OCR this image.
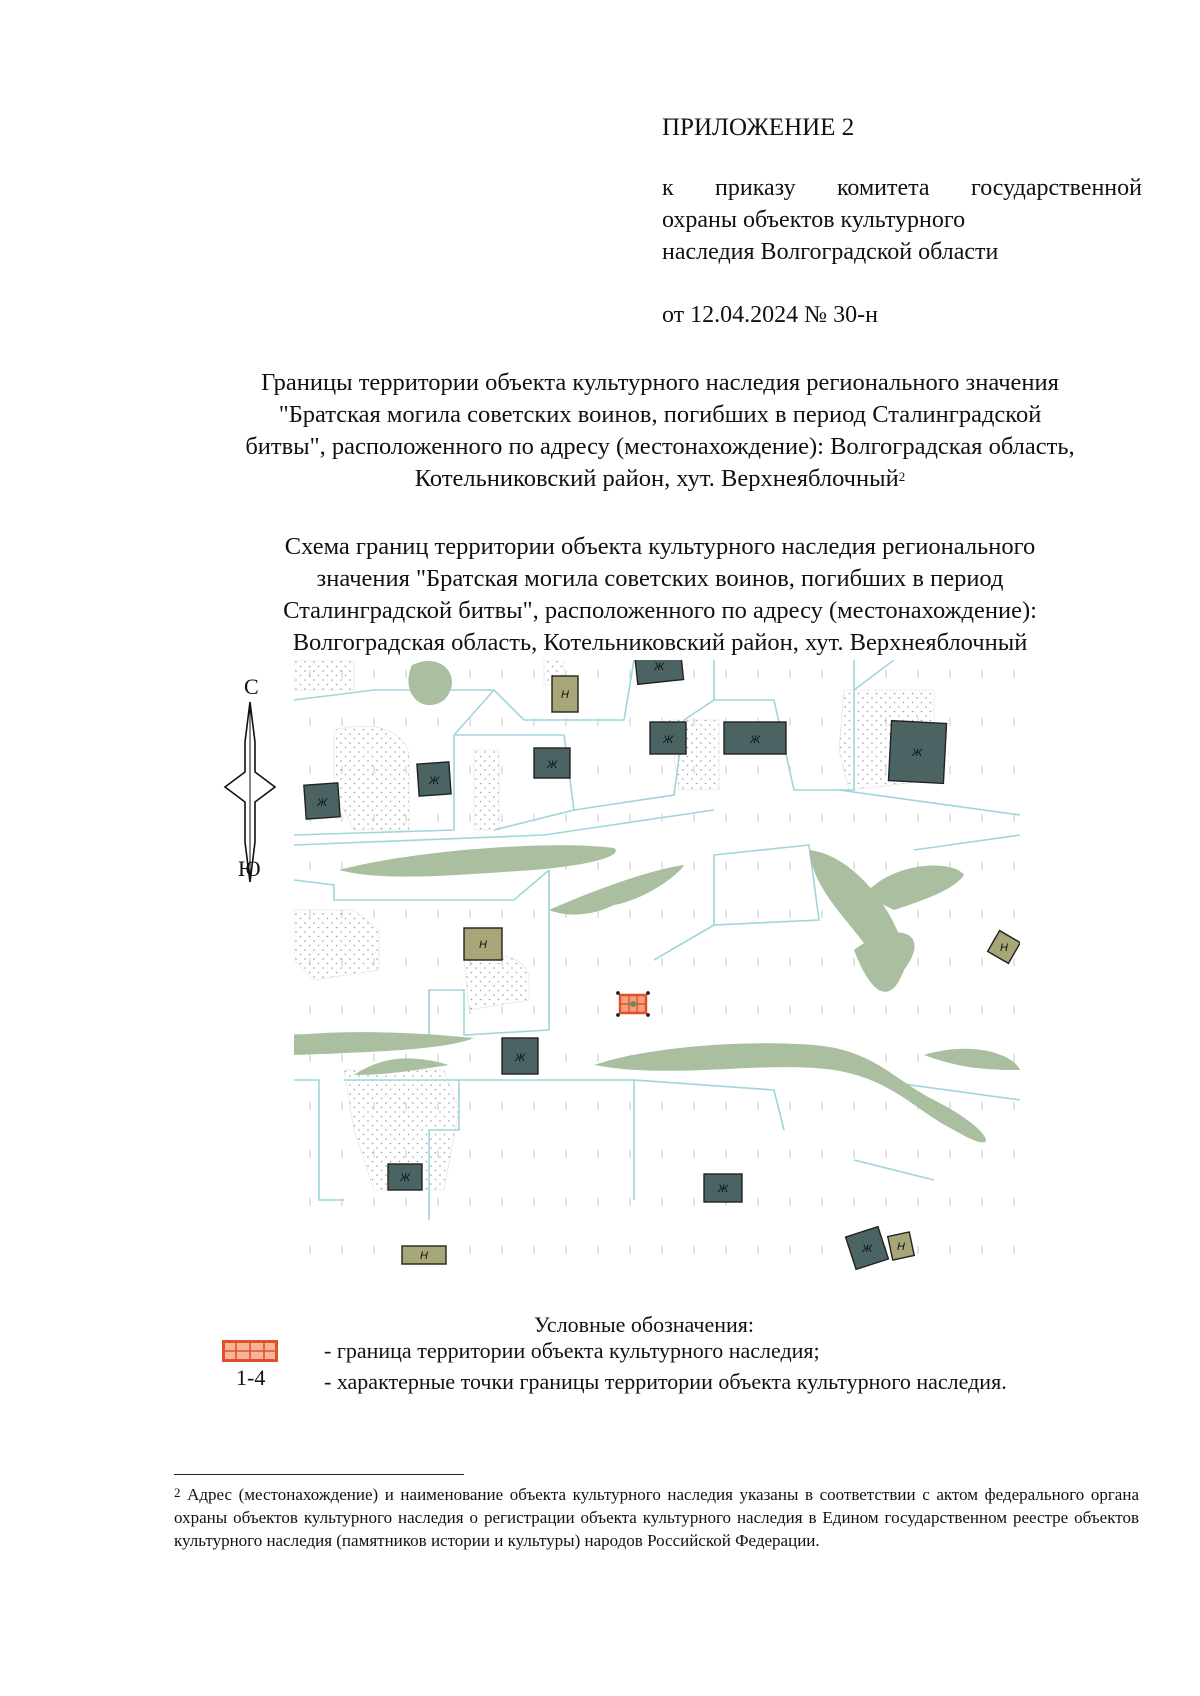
ПРИЛОЖЕНИЕ 2
к приказу комитета государственной
охраны объектов культурного
наследия Волгоградской области
от 12.04.2024 № 30-н
Границы территории объекта культурного наследия регионального значения
"Братская могила советских воинов, погибших в период Сталинградской
битвы", расположенного по адресу (местонахождение): Волгоградская область,
Котельниковский район, хут. Верхнеяблочный$^2$
Схема границ территории объекта культурного наследия регионального
значения "Братская могила советских воинов, погибших в период
Сталинградской битвы", расположенного по адресу (местонахождение):
Волгоградская область, Котельниковский район, хут. Верхнеяблочный
С
Ю
Ж
Ж
Ж
Ж
Ж	Ж
Ж
Ж
Ж
Ж
Ж
Н
Н	Н
Н
Н
Условные обозначения:
- граница территории объекта культурного наследия;
1-4	- характерные точки границы территории объекта культурного наследия.
$^2$ Адрес (местонахождение) и наименование объекта культурного наследия указаны в соответствии с актом федерального органа охраны объектов культурного наследия о регистрации объекта культурного наследия в Едином государственном реестре объектов культурного наследия (памятников истории и культуры) народов Российской Федерации.
